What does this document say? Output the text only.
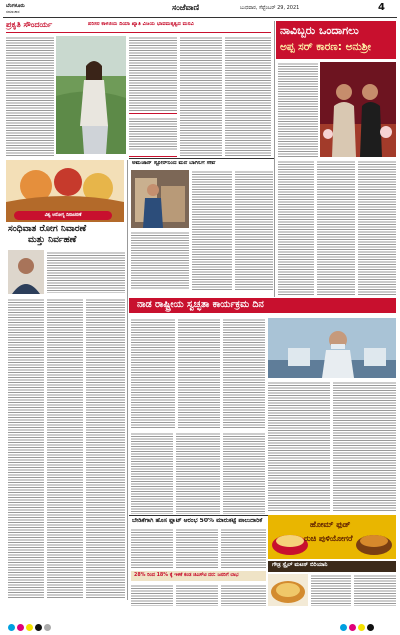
ಬೆಂಗಳೂರು
ಸಮಾಚಾರ	ಸಂಜೆವಾಣಿ	ಬುಧವಾರ, ಸೆಪ್ಟೆಂಬರ್ 29, 2021	4
ಪ್ರಕೃತಿ ಸೌಂದರ್ಯ	ಪರಿಸರ ಕಾಳಜಿಯ ದಿಯಾ ಖ್ಯಾತಿ ವಿಜಯ ಭಾವಮತೃತ್ವದ ಮನವಿ
ವಿಶ್ವ ಆರೋಗ್ಯ ದಿನಾಚರಣೆ
ಸಂಧಿವಾತ ರೋಗ ನಿವಾರಣೆ
ಮತ್ತು ನಿರ್ವಹಣೆ
ನಾವಿಬ್ಬರು ಒಂದಾಗಲು
ಅಪ್ಪ ಸರ್ ಕಾರಣ: ಅನುಶ್ರೀ
ಅಮೆಜಾನ್ ಸ್ಟೋರ್‌ನಿಂದ ಮನೆ ಬಾಗಿಲಿಗೆ ಸೇವೆ
ನಾಡ ರಾಷ್ಟ್ರೀಯ ಸ್ವಚ್ಛತಾ ಕಾರ್ಯಕ್ರಮ ದಿನ
ಬೇಡಿಕೆಗಾಗಿ ಹೊಸ ಫ್ಲಾಟ್ ಆರಂಭ 50% ಮಾರುಕಟ್ಟೆ ಪಾಲುದಾರಿಕೆ
28% ರಿಂದ 18% ಕ್ಕೆ ಇಳಿಕೆ ಕಂಡ ಜಿಎಸ್‌ಟಿ ದರ: ಜನರಿಗೆ ಲಾಭ
ಹೋಮ್ ಫುಡ್
ರುಚಿ ಪುಳಿಯೋಗರೆ
ಗೌಡ್ರ ಸ್ಟೈಲ್ ಮಟನ್ ಬಿರಿಯಾನಿ
